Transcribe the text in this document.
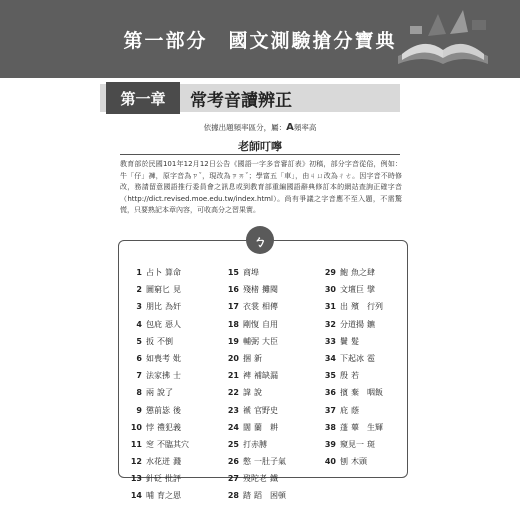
第一部分　國文測驗搶分寶典
第一章	常考音讀辨正
依據出題頻率區分，屬：A頻率高
老師叮嚀
教育部於民國101年12月12日公告《國語一字多音審訂表》初稿，部分字音從俗，例如：牛「仔」褲，原字音為ㄗˇ，現改為ㄗㄞˇ；學富五「車」，由ㄐㄩ改為ㄔㄜ。因字音不時修改，務請留意國語推行委員會之訊息或到教育部重編國語辭典修訂本的網站查詢正確字音（http://dict.revised.moe.edu.tw/index.html）。尚有爭議之字音應不至入題，不需驚慌，只要熟記本章內容，可收高分之習果實。
ㄅ
1 占卜 算命
2 圖窮匕 見
3 朋比 為奸
4 包庇 惡人
5 扳 不倒
6 如喪考 妣
7 法家拂 士
8 兩 說了
9 懲前毖 後
10 悖 禮犯義
11 窆 不臨其穴
12 水花迸 濺
13 針砭 批評
14 哺 育之恩
15 商埠
16 殘楮 攤閱
17 衣裳 相傳
18 剛愎 自用
19 輔弼 大臣
20 捆 新
21 裨 補缺漏
22 諱 說
23 褫 官野史
24 闊 蘭　耕
25 打赤膊
26 憋 一肚子氣
27 歿陀老 鐵
28 踏 蹈　困頓
29 鮑 魚之肆
30 文壇巨 擘
31 出 殯　行列
32 分道揚 鑣
33 鬢 髮
34 下起冰 雹
35 殷 若
36 擯 棄　咽飯
37 庇 蔭
38 蓬 蓽　生輝
39 窺見一 斑
40 刨 木頭
